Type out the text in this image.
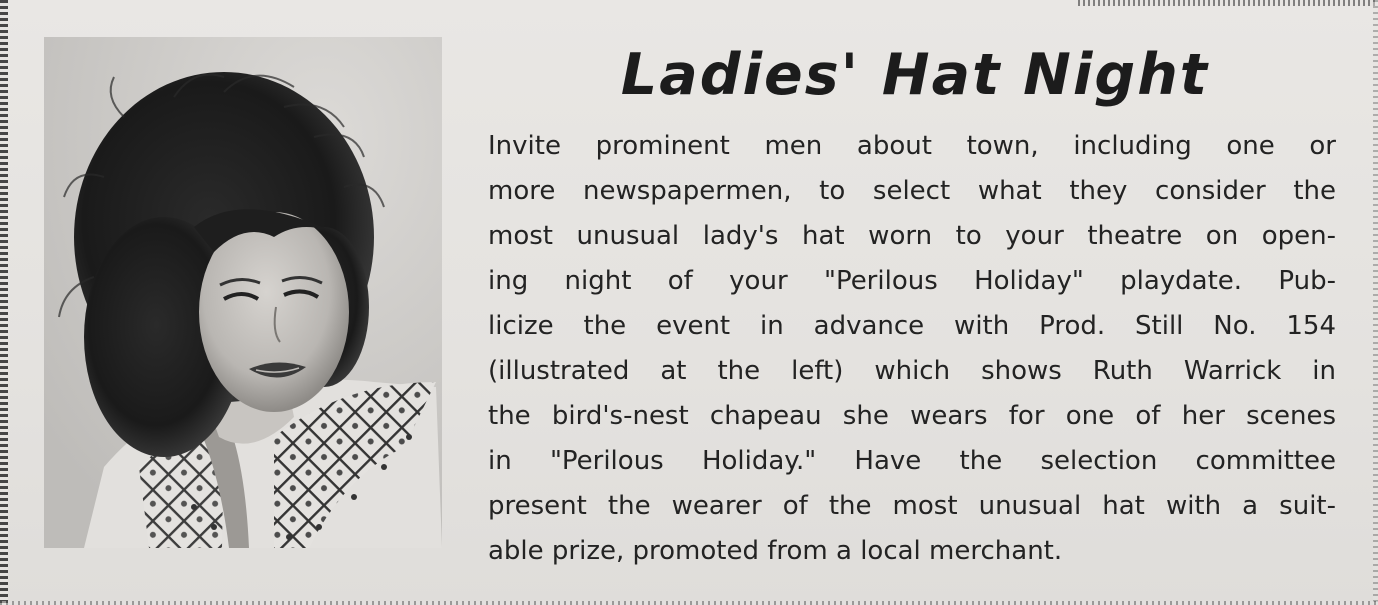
Ladies' Hat Night
Invite prominent men about town, including one or
more newspapermen, to select what they consider the
most unusual lady's hat worn to your theatre on open-
ing night of your "Perilous Holiday" playdate. Pub-
licize the event in advance with Prod. Still No. 154
(illustrated at the left) which shows Ruth Warrick in
the bird's-nest chapeau she wears for one of her scenes
in "Perilous Holiday." Have the selection committee
present the wearer of the most unusual hat with a suit-
able prize, promoted from a local merchant.
